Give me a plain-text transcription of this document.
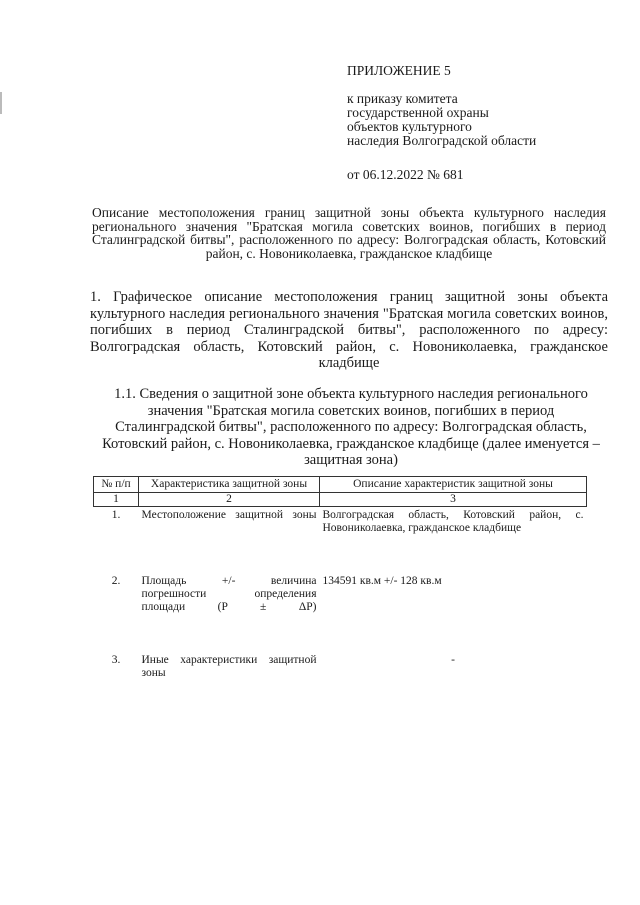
ПРИЛОЖЕНИЕ 5
к приказу комитета
государственной охраны
объектов культурного
наследия Волгоградской области
от 06.12.2022 № 681
Описание местоположения границ защитной зоны объекта культурного наследия регионального значения "Братская могила советских воинов, погибших в период Сталинградской битвы", расположенного по адресу: Волгоградская область, Котовский район, с. Новониколаевка, гражданское кладбище
1. Графическое описание местоположения границ защитной зоны объекта культурного наследия регионального значения "Братская могила советских воинов, погибших в период Сталинградской битвы", расположенного по адресу: Волгоградская область, Котовский район, с. Новониколаевка, гражданское кладбище
1.1. Сведения о защитной зоне объекта культурного наследия регионального значения "Братская могила советских воинов, погибших в период Сталинградской битвы", расположенного по адресу: Волгоградская область, Котовский район, с. Новониколаевка, гражданское кладбище (далее именуется – защитная зона)
№ п/п	Характеристика защитной зоны	Описание характеристик защитной зоны
1	2	3
1.	Местоположение защитной зоны	Волгоградская область, Котовский район, с. Новониколаевка, гражданское кладбище

2.	Площадь +/- величина погрешности определения площади (P ± ΔP)	134591 кв.м +/- 128 кв.м

3.	Иные характеристики защитной зоны	-
